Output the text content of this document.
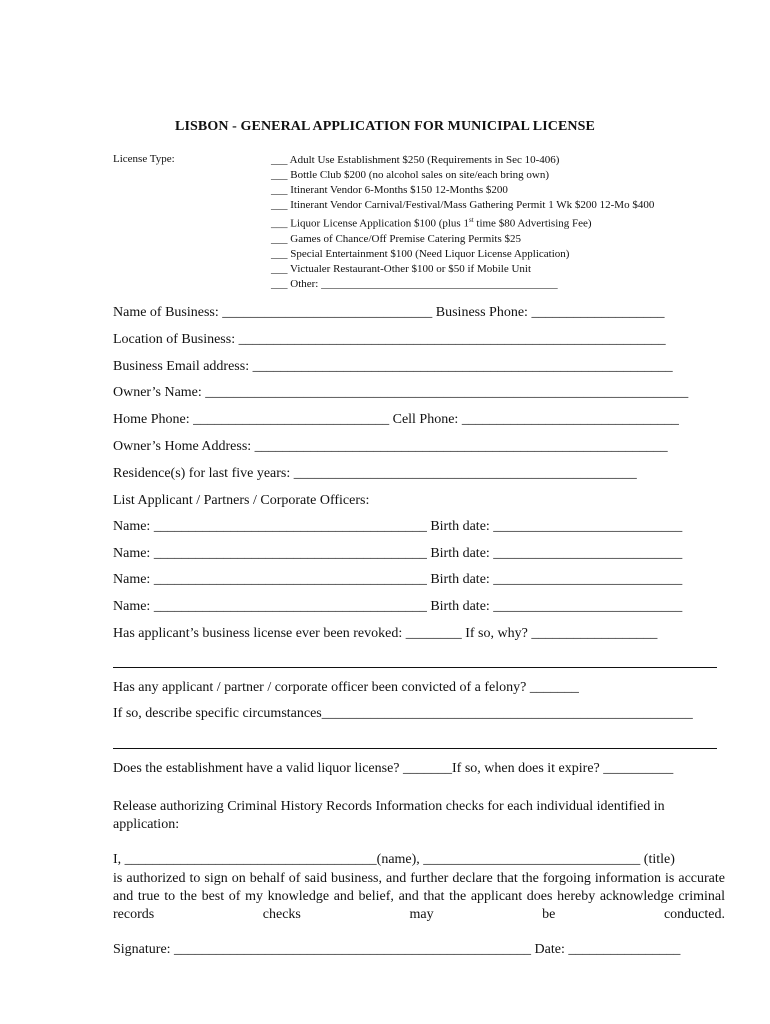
LISBON - GENERAL APPLICATION FOR MUNICIPAL LICENSE
License Type:	___ Adult Use Establishment $250 (Requirements in Sec 10-406)
___ Bottle Club $200 (no alcohol sales on site/each bring own)
___ Itinerant Vendor 6-Months $150 12-Months $200
___ Itinerant Vendor Carnival/Festival/Mass Gathering Permit 1 Wk $200 12-Mo $400
___ Liquor License Application $100 (plus 1st time $80 Advertising Fee)
___ Games of Chance/Off Premise Catering Permits $25
___ Special Entertainment $100 (Need Liquor License Application)
___ Victualer Restaurant-Other $100 or $50 if Mobile Unit
___ Other: ___________________________________________
Name of Business: ______________________________ Business Phone: ___________________
Location of Business: _____________________________________________________________
Business Email address: ____________________________________________________________
Owner’s Name: _____________________________________________________________________
Home Phone: ____________________________ Cell Phone: _______________________________
Owner’s Home Address: ___________________________________________________________
Residence(s) for last five years: _________________________________________________
List Applicant / Partners / Corporate Officers:
Name: _______________________________________ Birth date: ___________________________
Name: _______________________________________ Birth date: ___________________________
Name: _______________________________________ Birth date: ___________________________
Name: _______________________________________ Birth date: ___________________________
Has applicant’s business license ever been revoked: ________ If so, why? __________________
Has any applicant / partner / corporate officer been convicted of a felony? _______
If so, describe specific circumstances_____________________________________________________
Does the establishment have a valid liquor license? _______If so, when does it expire? __________
Release authorizing Criminal History Records Information checks for each individual identified in application:
I, ____________________________________(name), _______________________________ (title)
is authorized to sign on behalf of said business, and further declare that the forgoing information is accurate and true to the best of my knowledge and belief, and that the applicant does hereby acknowledge criminal records checks may be conducted.
Signature: ___________________________________________________ Date: ________________
